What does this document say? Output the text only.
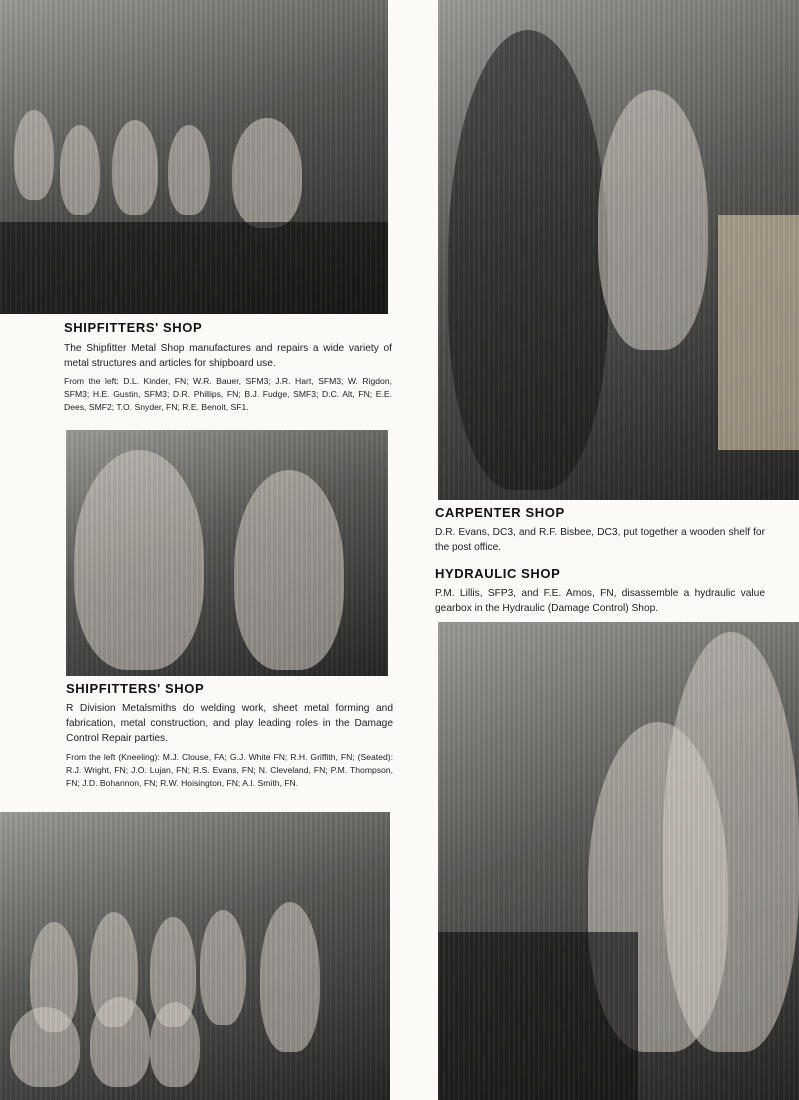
SHIPFITTERS' SHOP

The Shipfitter Metal Shop manufactures and repairs a wide variety of metal structures and articles for shipboard use.

From the left: D.L. Kinder, FN; W.R. Bauer, SFM3; J.R. Hart, SFM3; W. Rigdon, SFM3; H.E. Gustin, SFM3; D.R. Phillips, FN; B.J. Fudge, SMF3; D.C. Alt, FN; E.E. Dees, SMF2; T.O. Snyder, FN; R.E. Benoit, SF1.

SHIPFITTERS' SHOP

R Division Metalsmiths do welding work, sheet metal forming and fabrication, metal construction, and play leading roles in the Damage Control Repair parties.

From the left (Kneeling): M.J. Clouse, FA; G.J. White FN; R.H. Griffith, FN; (Seated): R.J. Wright, FN; J.O. Lujan, FN; R.S. Evans, FN; N. Cleveland, FN; P.M. Thompson, FN; J.D. Bohannon, FN; R.W. Hoisington, FN; A.I. Smith, FN.

CARPENTER SHOP

D.R. Evans, DC3, and R.F. Bisbee, DC3, put together a wooden shelf for the post office.

HYDRAULIC SHOP

P.M. Lillis, SFP3, and F.E. Amos, FN, disassemble a hydraulic value gearbox in the Hydraulic (Damage Control) Shop.
